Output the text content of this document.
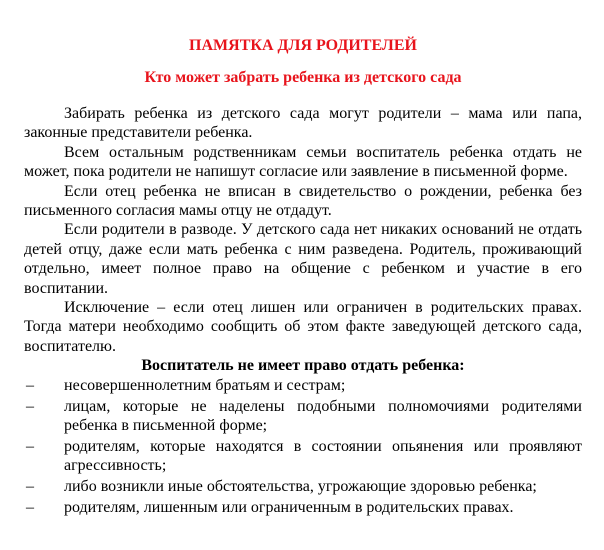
ПАМЯТКА ДЛЯ РОДИТЕЛЕЙ
Кто может забрать ребенка из детского сада

Забирать ребенка из детского сада могут родители – мама или папа, законные представители ребенка.

Всем остальным родственникам семьи воспитатель ребенка отдать не может, пока родители не напишут согласие или заявление в письменной форме.

Если отец ребенка не вписан в свидетельство о рождении, ребенка без письменного согласия мамы отцу не отдадут.

Если родители в разводе. У детского сада нет никаких оснований не отдать детей отцу, даже если мать ребенка с ним разведена. Родитель, проживающий отдельно, имеет полное право на общение с ребенком и участие в его воспитании.

Исключение – если отец лишен или ограничен в родительских правах. Тогда матери необходимо сообщить об этом факте заведующей детского сада, воспитателю.

Воспитатель не имеет право отдать ребенка:
– несовершеннолетним братьям и сестрам;
– лицам, которые не наделены подобными полномочиями родителями ребенка в письменной форме;
– родителям, которые находятся в состоянии опьянения или проявляют агрессивность;
– либо возникли иные обстоятельства, угрожающие здоровью ребенка;
– родителям, лишенным или ограниченным в родительских правах.
